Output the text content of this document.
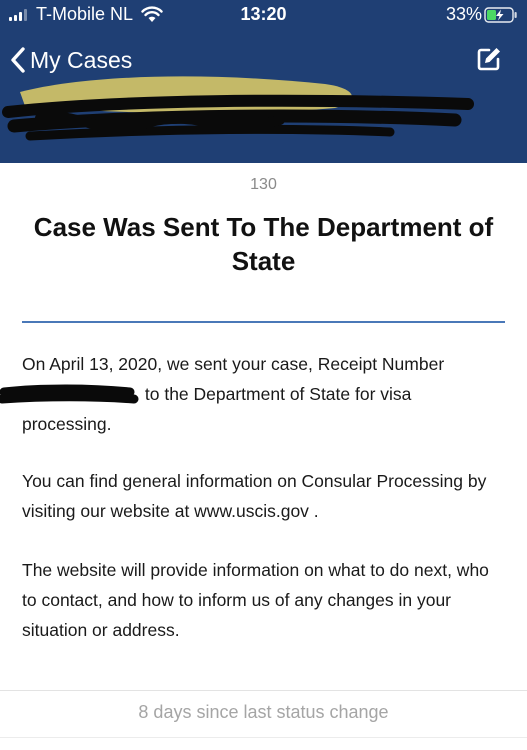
T-Mobile NL	13:20	33%
My Cases
130
Case Was Sent To The Department of State
On April 13, 2020, we sent your case, Receipt Number
to the Department of State for visa
processing.

You can find general information on Consular Processing by visiting our website at www.uscis.gov .

The website will provide information on what to do next, who to contact, and how to inform us of any changes in your situation or address.

8 days since last status change
